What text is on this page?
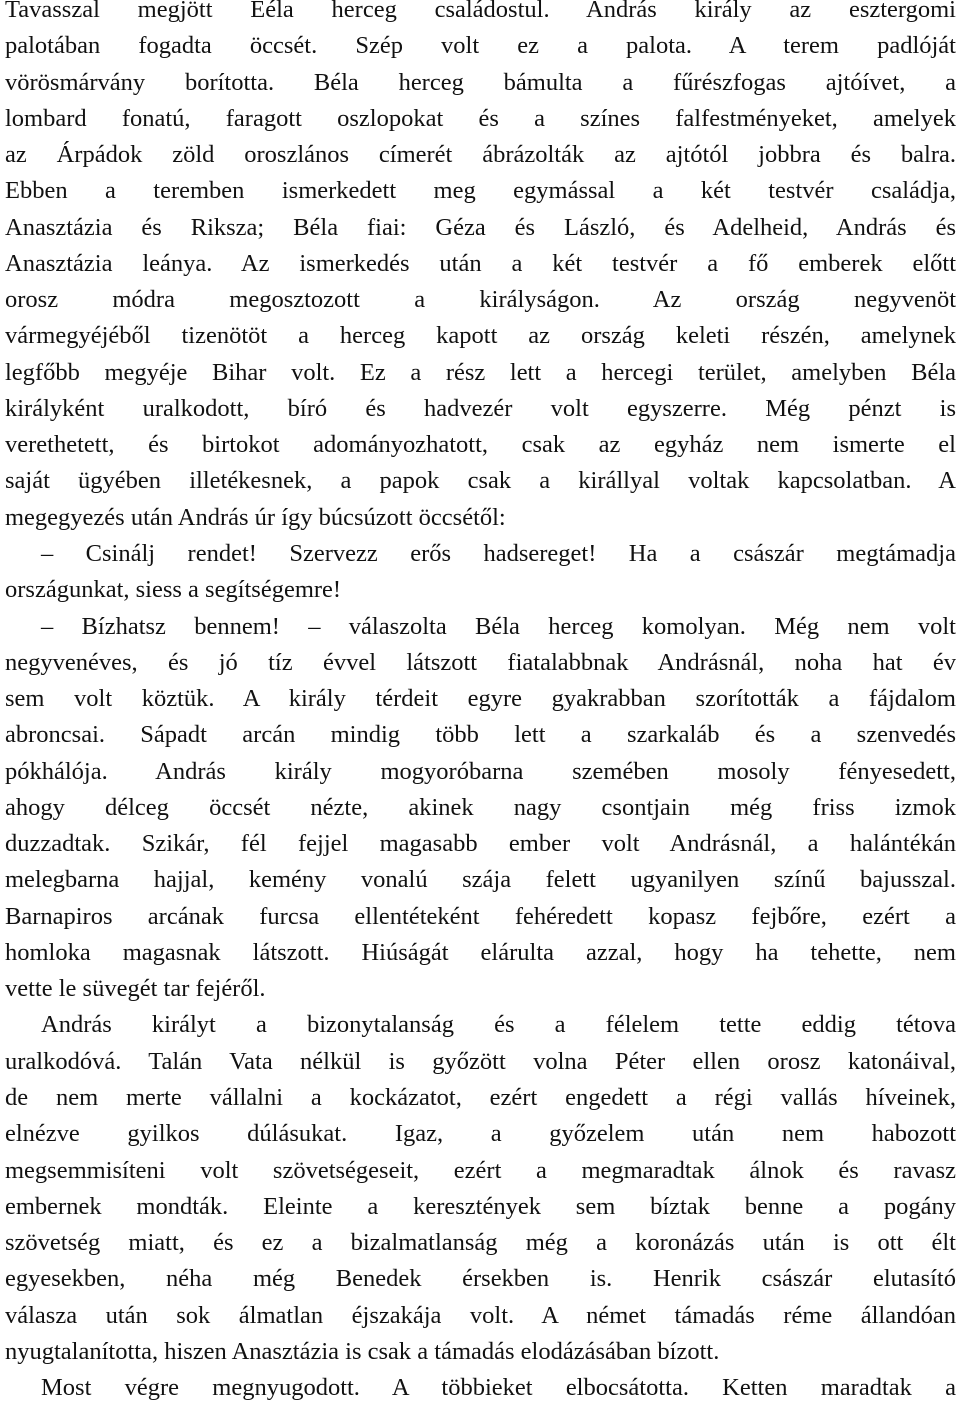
Tavasszal megjött Eéla herceg családostul. András király az esztergomi
palotában fogadta öccsét. Szép volt ez a palota. A terem padlóját
vörösmárvány borította. Béla herceg bámulta a fűrészfogas ajtóívet, a
lombard fonatú, faragott oszlopokat és a színes falfestményeket, amelyek
az Árpádok zöld oroszlános címerét ábrázolták az ajtótól jobbra és balra.
Ebben a teremben ismerkedett meg egymással a két testvér családja,
Anasztázia és Riksza; Béla fiai: Géza és László, és Adelheid, András és
Anasztázia leánya. Az ismerkedés után a két testvér a fő emberek előtt
orosz módra megosztozott a királyságon. Az ország negyvenöt
vármegyéjéből tizenötöt a herceg kapott az ország keleti részén, amelynek
legfőbb megyéje Bihar volt. Ez a rész lett a hercegi terület, amelyben Béla
királyként uralkodott, bíró és hadvezér volt egyszerre. Még pénzt is
verethetett, és birtokot adományozhatott, csak az egyház nem ismerte el
saját ügyében illetékesnek, a papok csak a királlyal voltak kapcsolatban. A
megegyezés után András úr így búcsúzott öccsétől:
– Csinálj rendet! Szervezz erős hadsereget! Ha a császár megtámadja
országunkat, siess a segítségemre!
– Bízhatsz bennem! – válaszolta Béla herceg komolyan. Még nem volt
negyvenéves, és jó tíz évvel látszott fiatalabbnak Andrásnál, noha hat év
sem volt köztük. A király térdeit egyre gyakrabban szorították a fájdalom
abroncsai. Sápadt arcán mindig több lett a szarkaláb és a szenvedés
pókhálója. András király mogyoróbarna szemében mosoly fényesedett,
ahogy délceg öccsét nézte, akinek nagy csontjain még friss izmok
duzzadtak. Szikár, fél fejjel magasabb ember volt Andrásnál, a halántékán
melegbarna hajjal, kemény vonalú szája felett ugyanilyen színű bajusszal.
Barnapiros arcának furcsa ellentéteként fehéredett kopasz fejbőre, ezért a
homloka magasnak látszott. Hiúságát elárulta azzal, hogy ha tehette, nem
vette le süvegét tar fejéről.
András királyt a bizonytalanság és a félelem tette eddig tétova
uralkodóvá. Talán Vata nélkül is győzött volna Péter ellen orosz katonáival,
de nem merte vállalni a kockázatot, ezért engedett a régi vallás híveinek,
elnézve gyilkos dúlásukat. Igaz, a győzelem után nem habozott
megsemmisíteni volt szövetségeseit, ezért a megmaradtak álnok és ravasz
embernek mondták. Eleinte a keresztények sem bíztak benne a pogány
szövetség miatt, és ez a bizalmatlanság még a koronázás után is ott élt
egyesekben, néha még Benedek érsekben is. Henrik császár elutasító
válasza után sok álmatlan éjszakája volt. A német támadás réme állandóan
nyugtalanította, hiszen Anasztázia is csak a támadás elodázásában bízott.
Most végre megnyugodott. A többieket elbocsátotta. Ketten maradtak a
